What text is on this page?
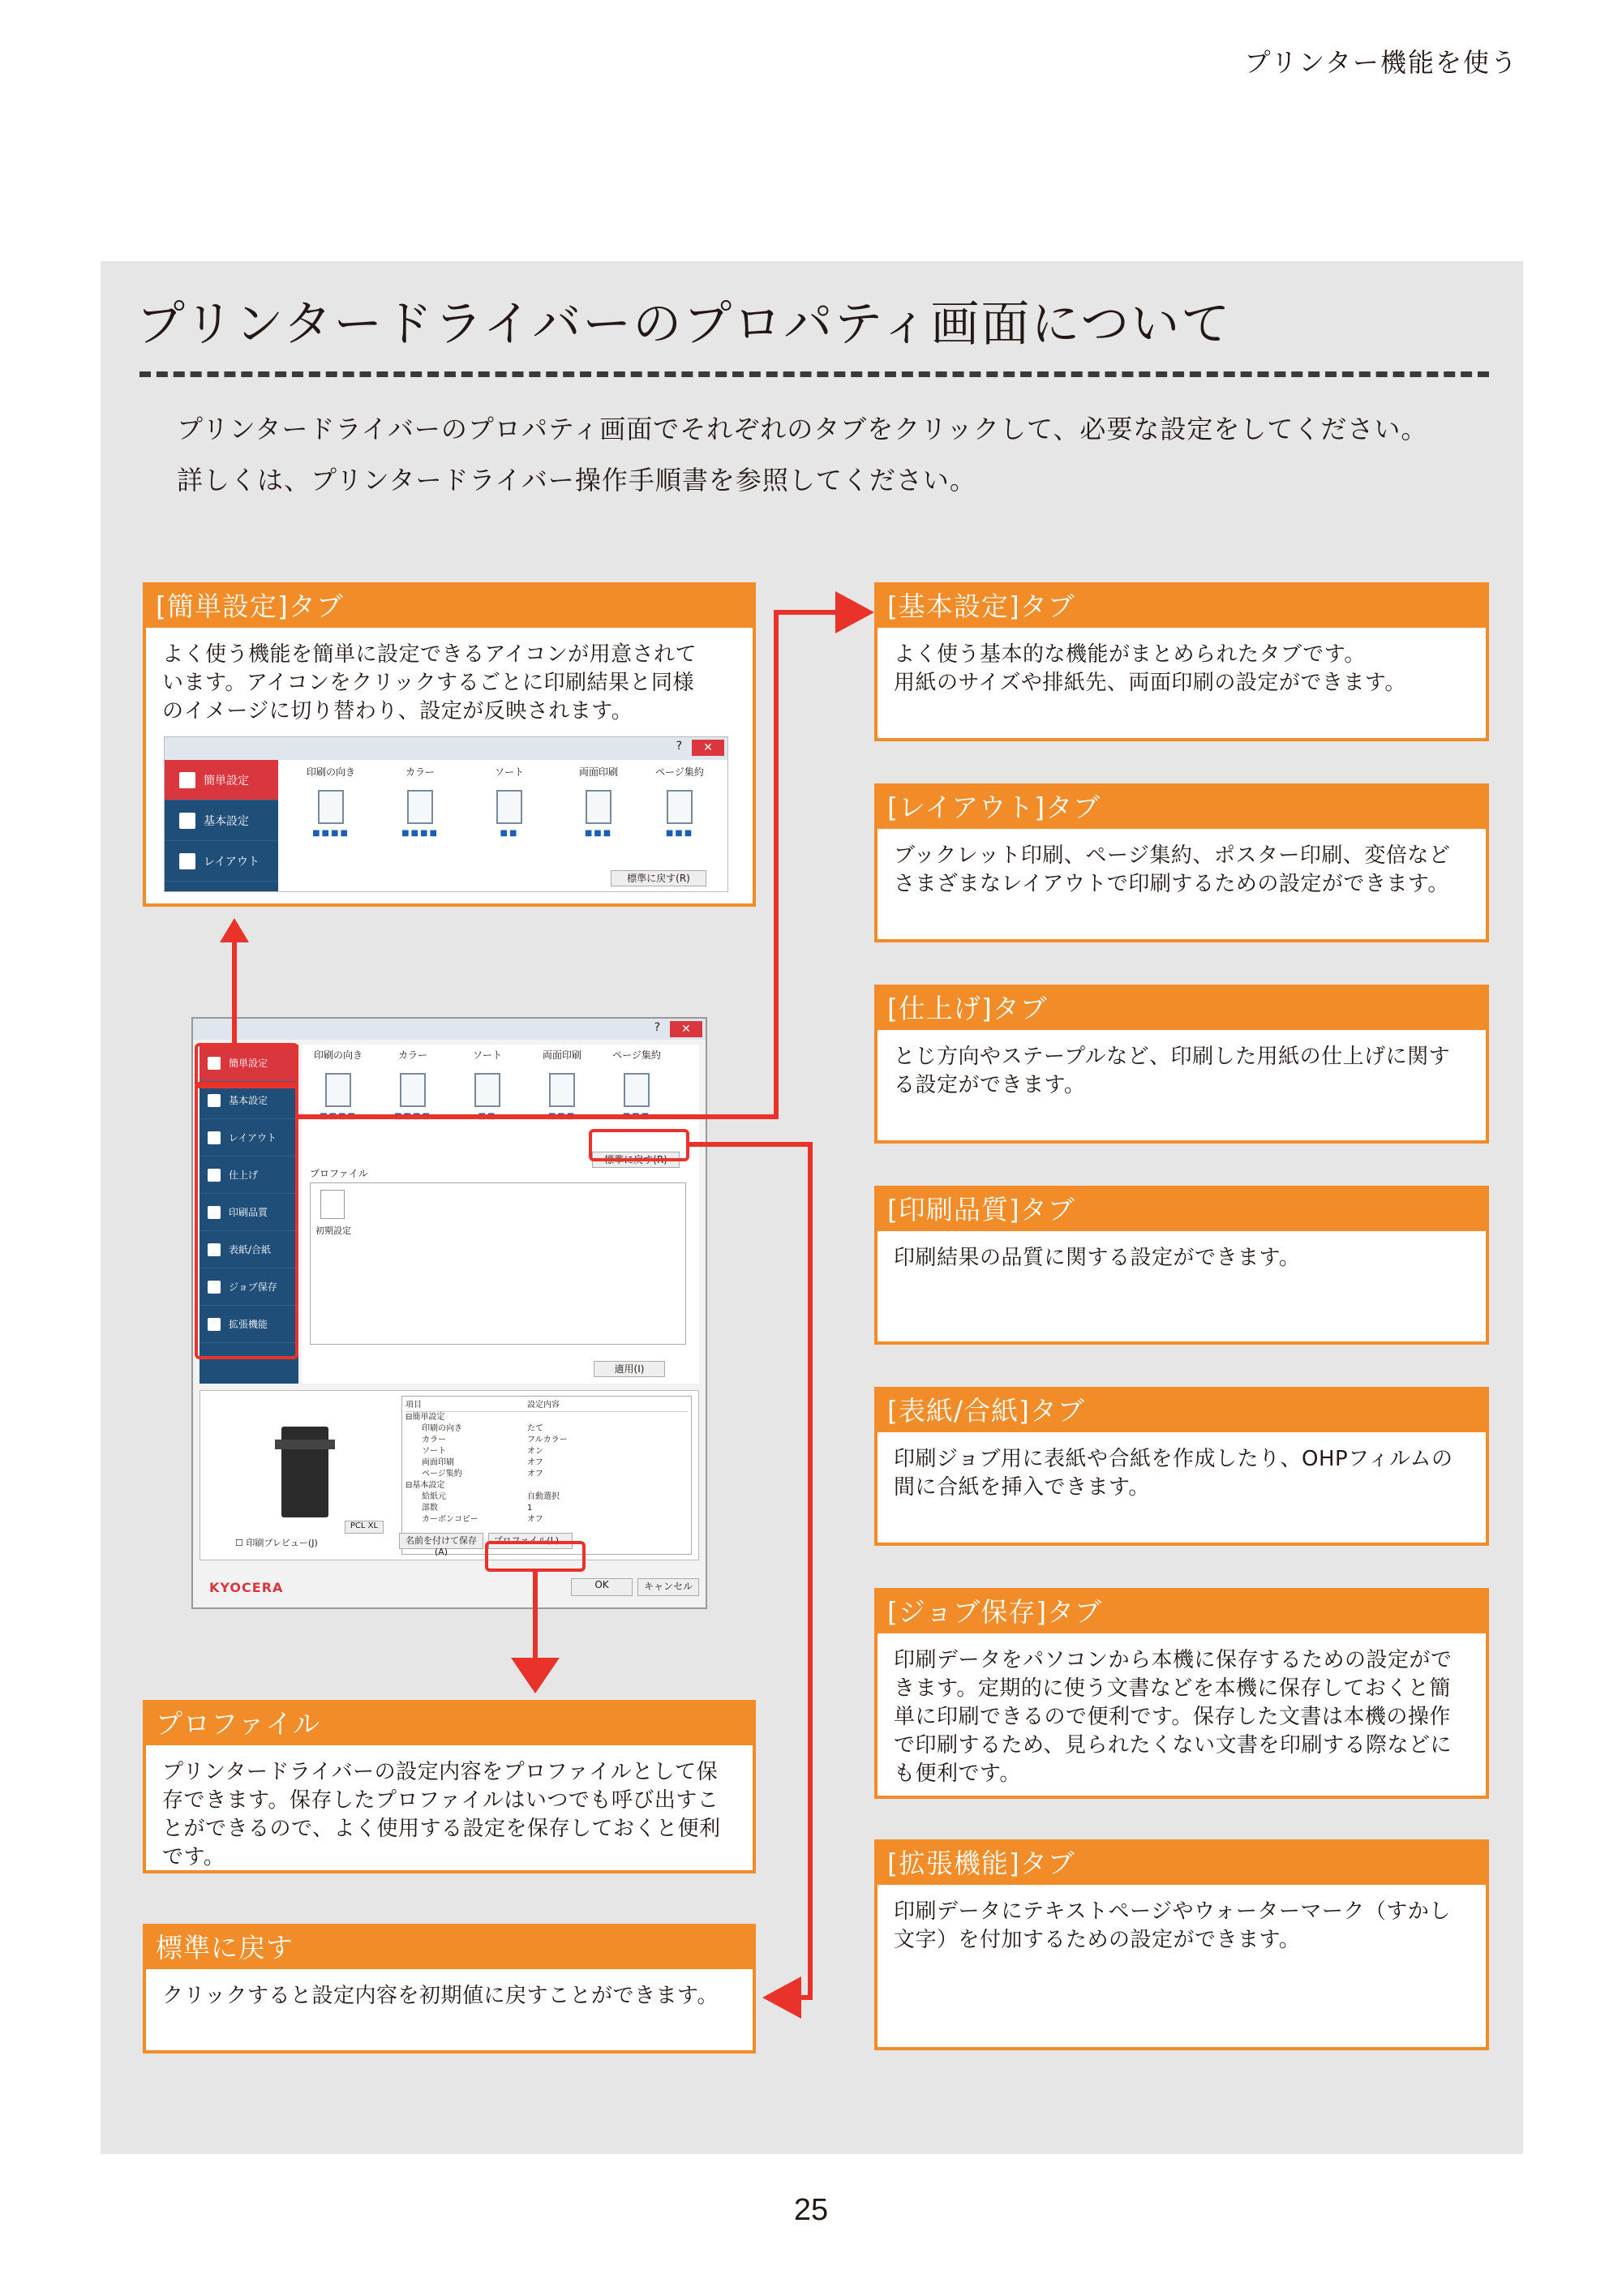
プリンター機能を使う
プリンタードライバーのプロパティ画面について
プリンタードライバーのプロパティ画面でそれぞれのタブをクリックして、必要な設定をしてください。
詳しくは、プリンタードライバー操作手順書を参照してください。
[簡単設定]タブ
よく使う機能を簡単に設定できるアイコンが用意されて
います。アイコンをクリックするごとに印刷結果と同様
のイメージに切り替わり、設定が反映されます。
?	✕
簡単設定
基本設定
レイアウト
印刷の向き
■■■■
カラー
■■■■
ソート
■■
両面印刷
■■■
ページ集約
■■■
標準に戻す(R)
?	✕
簡単設定
基本設定
レイアウト
仕上げ
印刷品質
表紙/合紙
ジョブ保存
拡張機能
印刷の向き	カラー	ソート	両面印刷	ページ集約
標準に戻す(R)
プロファイル
初期設定
適用(I)
PCL XL
項目	設定内容
⊟簡単設定
印刷の向き	たて
カラー	フルカラー
ソート	オン
両面印刷	オフ
ページ集約	オフ
⊟基本設定
給紙元	自動選択
部数	1
カーボンコピー	オフ
☐ 印刷プレビュー(J)	名前を付けて保存(A)
プロファイル(L)...
KYOCERA	OK	キャンセル
プロファイル
プリンタードライバーの設定内容をプロファイルとして保
存できます。保存したプロファイルはいつでも呼び出すこ
とができるので、よく使用する設定を保存しておくと便利
です。
標準に戻す
クリックすると設定内容を初期値に戻すことができます。
[基本設定]タブ
よく使う基本的な機能がまとめられたタブです。
用紙のサイズや排紙先、両面印刷の設定ができます。
[レイアウト]タブ
ブックレット印刷、ページ集約、ポスター印刷、変倍など
さまざまなレイアウトで印刷するための設定ができます。
[仕上げ]タブ
とじ方向やステープルなど、印刷した用紙の仕上げに関す
る設定ができます。
[印刷品質]タブ
印刷結果の品質に関する設定ができます。
[表紙/合紙]タブ
印刷ジョブ用に表紙や合紙を作成したり、OHPフィルムの
間に合紙を挿入できます。
[ジョブ保存]タブ
印刷データをパソコンから本機に保存するための設定がで
きます。定期的に使う文書などを本機に保存しておくと簡
単に印刷できるので便利です。保存した文書は本機の操作
で印刷するため、見られたくない文書を印刷する際などに
も便利です。
[拡張機能]タブ
印刷データにテキストページやウォーターマーク（すかし
文字）を付加するための設定ができます。
25
